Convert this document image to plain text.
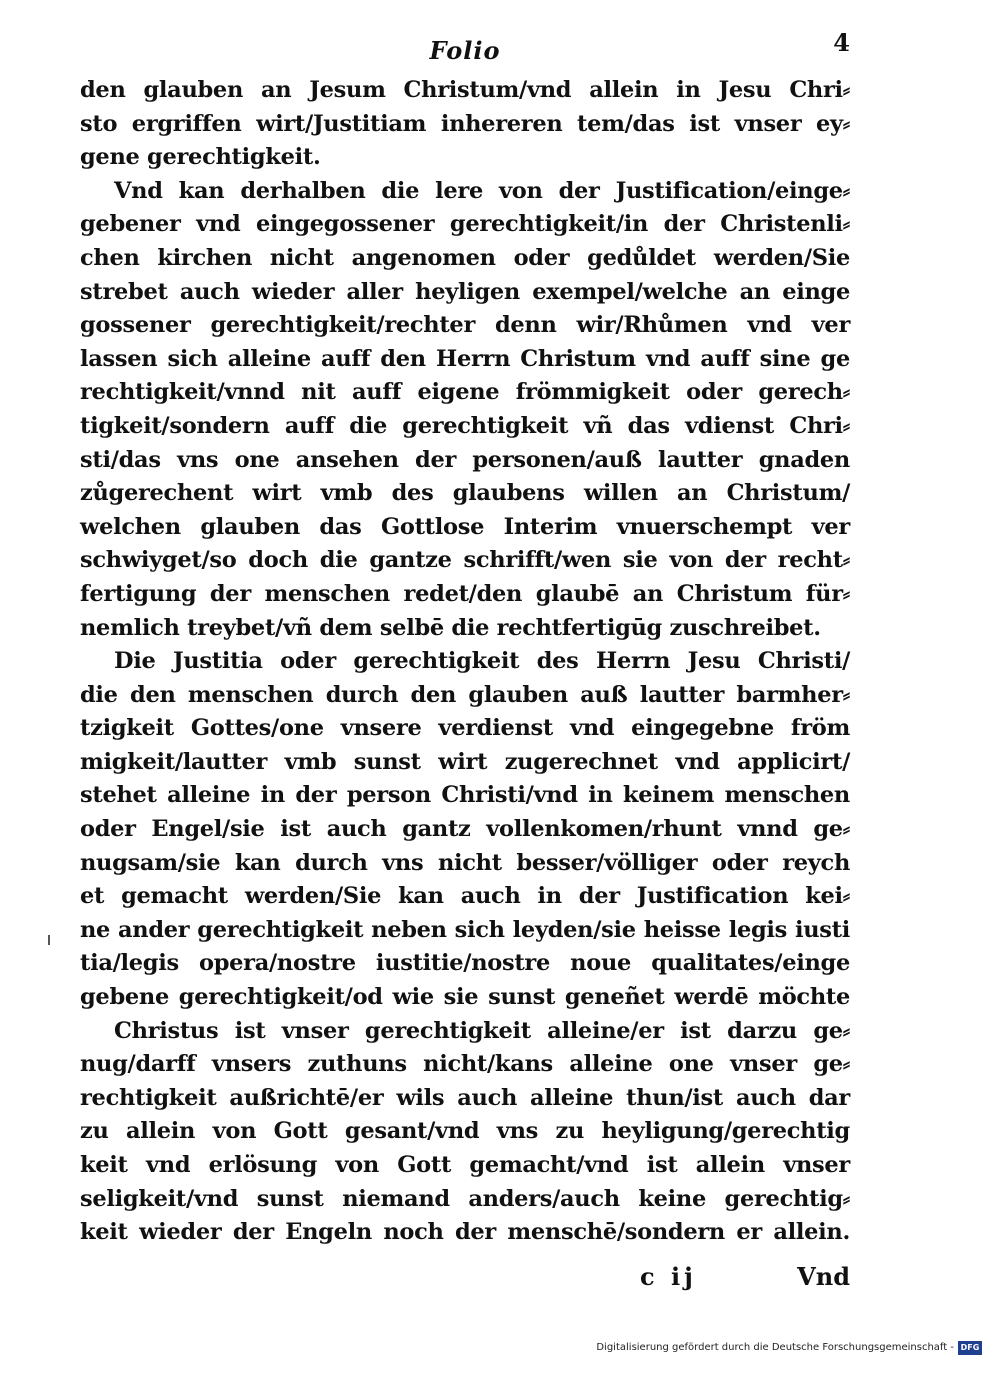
Folio	4
den glauben an Jesum Christum/vnd allein in Jesu Chri⸗
sto ergriffen wirt/Justitiam inhereren tem/das ist vnser ey⸗
gene gerechtigkeit.
Vnd kan derhalben die lere von der Justification/einge⸗
gebener vnd eingegossener gerechtigkeit/in der Christenli⸗
chen kirchen nicht angenomen oder gedůldet werden/Sie
strebet auch wieder aller heyligen exempel/welche an einge
gossener gerechtigkeit/rechter denn wir/Rhůmen vnd ver
lassen sich alleine auff den Herrn Christum vnd auff sine ge
rechtigkeit/vnnd nit auff eigene frömmigkeit oder gerech⸗
tigkeit/sondern auff die gerechtigkeit vñ das vdienst Chri⸗
sti/das vns one ansehen der personen/auß lautter gnaden
zůgerechent wirt vmb des glaubens willen an Christum/
welchen glauben das Gottlose Interim vnuerschempt ver
schwiyget/so doch die gantze schrifft/wen sie von der recht⸗
fertigung der menschen redet/den glaubē an Christum für⸗
nemlich treybet/vñ dem selbē die rechtfertigūg zuschreibet.
Die Justitia oder gerechtigkeit des Herrn Jesu Christi/
die den menschen durch den glauben auß lautter barmher⸗
tzigkeit Gottes/one vnsere verdienst vnd eingegebne fröm
migkeit/lautter vmb sunst wirt zugerechnet vnd applicirt/
stehet alleine in der person Christi/vnd in keinem menschen
oder Engel/sie ist auch gantz vollenkomen/rhunt vnnd ge⸗
nugsam/sie kan durch vns nicht besser/völliger oder reych
et gemacht werden/Sie kan auch in der Justification kei⸗
ne ander gerechtigkeit neben sich leyden/sie heisse legis iusti
tia/legis opera/nostre iustitie/nostre noue qualitates/einge
gebene gerechtigkeit/od wie sie sunst geneñet werdē möchte
Christus ist vnser gerechtigkeit alleine/er ist darzu ge⸗
nug/darff vnsers zuthuns nicht/kans alleine one vnser ge⸗
rechtigkeit außrichtē/er wils auch alleine thun/ist auch dar
zu allein von Gott gesant/vnd vns zu heyligung/gerechtig
keit vnd erlösung von Gott gemacht/vnd ist allein vnser
seligkeit/vnd sunst niemand anders/auch keine gerechtig⸗
keit wieder der Engeln noch der menschē/sondern er allein.
c ij	Vnd
Digitalisierung gefördert durch die Deutsche Forschungsgemeinschaft - DFG
